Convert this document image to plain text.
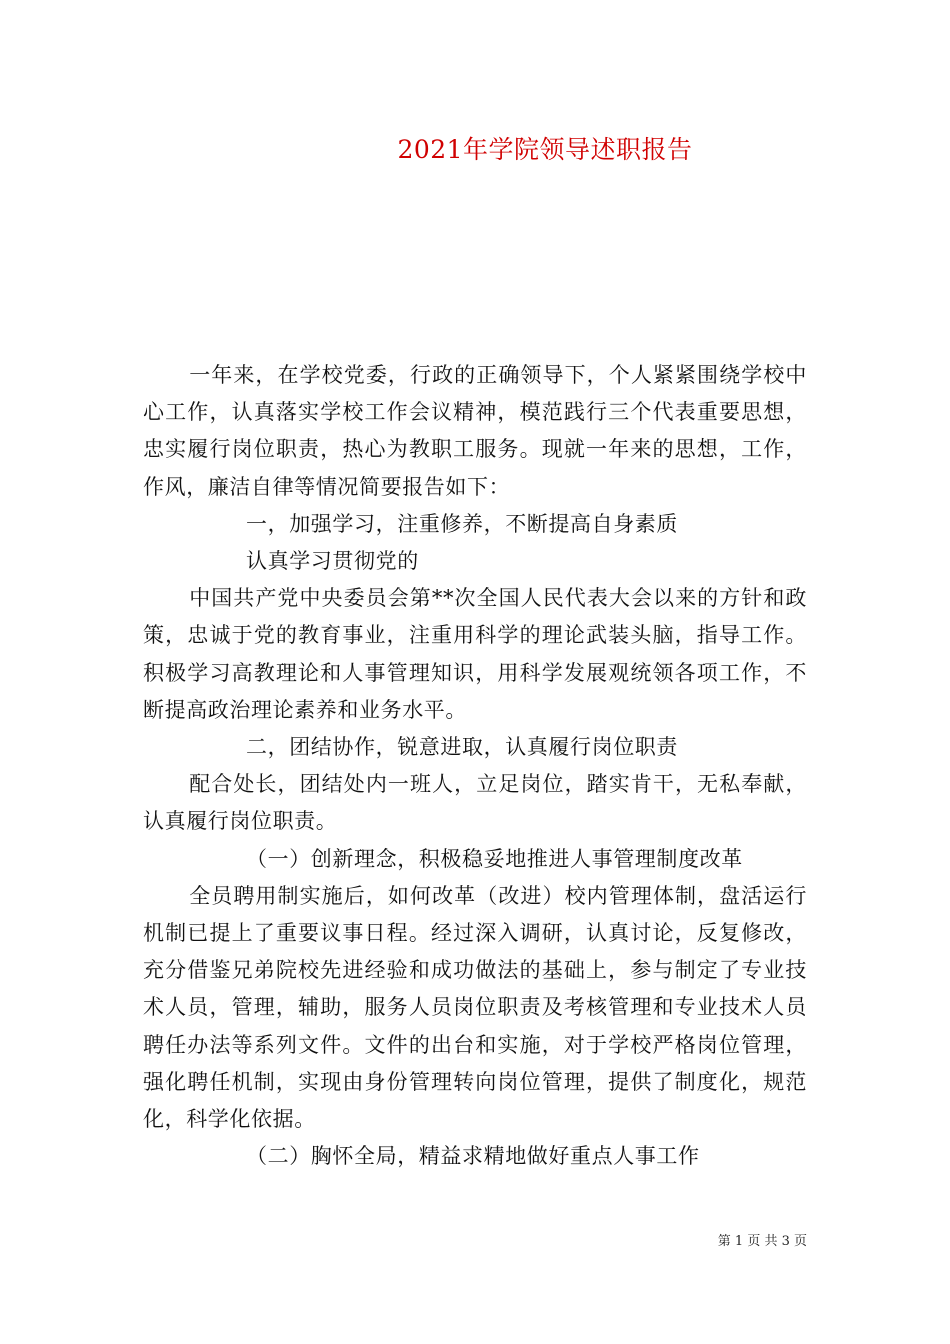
2021年学院领导述职报告

一年来，在学校党委，行政的正确领导下，个人紧紧围绕学校中心工作，认真落实学校工作会议精神，模范践行三个代表重要思想，忠实履行岗位职责，热心为教职工服务。现就一年来的思想，工作，作风，廉洁自律等情况简要报告如下：

一，加强学习，注重修养，不断提高自身素质

认真学习贯彻党的

中国共产党中央委员会第**次全国人民代表大会以来的方针和政策，忠诚于党的教育事业，注重用科学的理论武装头脑，指导工作。积极学习高教理论和人事管理知识，用科学发展观统领各项工作，不断提高政治理论素养和业务水平。

二，团结协作，锐意进取，认真履行岗位职责

配合处长，团结处内一班人，立足岗位，踏实肯干，无私奉献，认真履行岗位职责。

（一）创新理念，积极稳妥地推进人事管理制度改革

全员聘用制实施后，如何改革（改进）校内管理体制，盘活运行机制已提上了重要议事日程。经过深入调研，认真讨论，反复修改，充分借鉴兄弟院校先进经验和成功做法的基础上，参与制定了专业技术人员，管理，辅助，服务人员岗位职责及考核管理和专业技术人员聘任办法等系列文件。文件的出台和实施，对于学校严格岗位管理，强化聘任机制，实现由身份管理转向岗位管理，提供了制度化，规范化，科学化依据。

（二）胸怀全局，精益求精地做好重点人事工作

第 1 页 共 3 页
